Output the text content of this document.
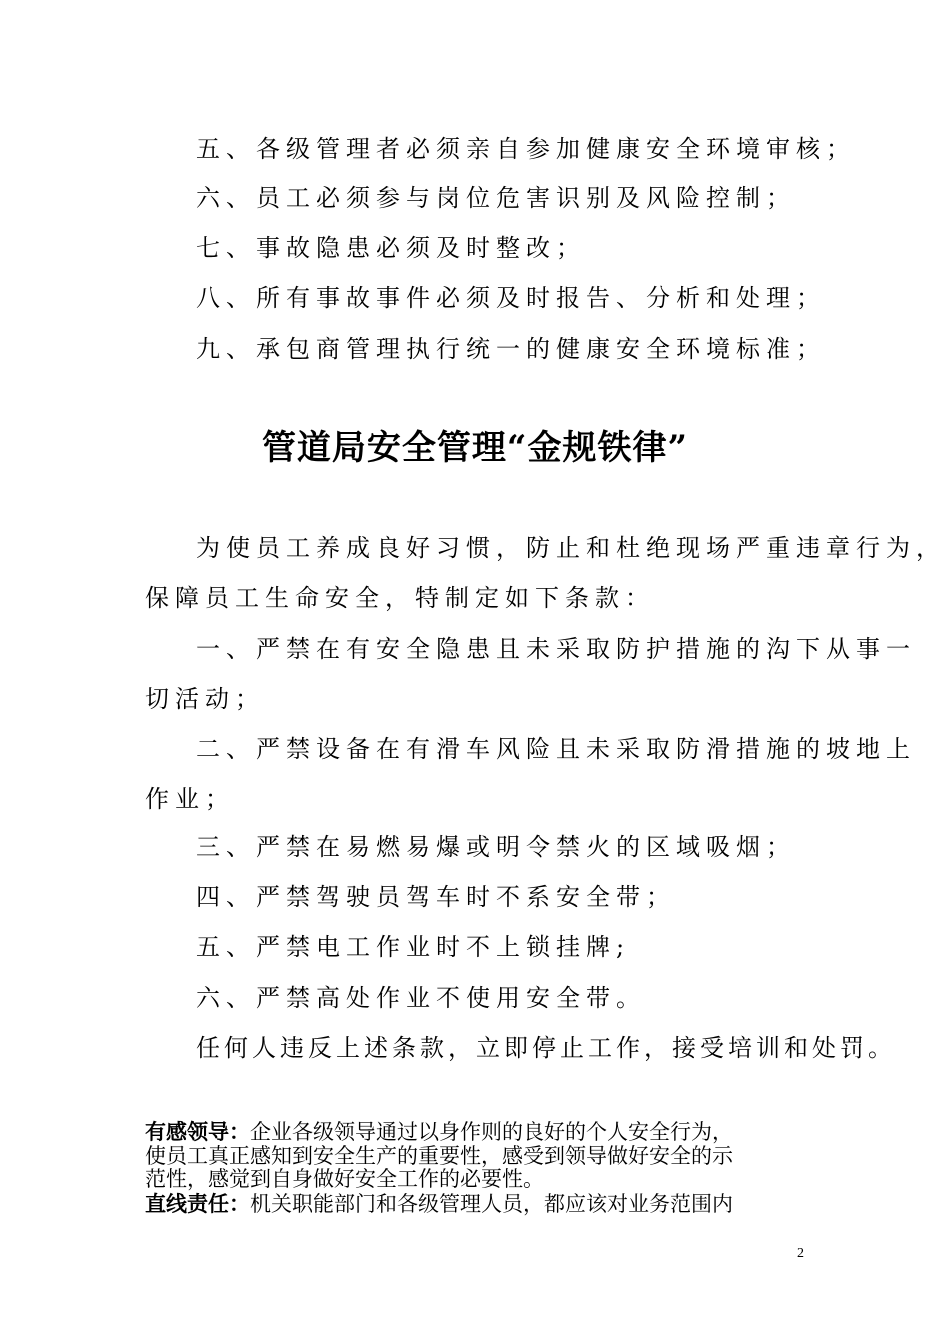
五、各级管理者必须亲自参加健康安全环境审核；
六、员工必须参与岗位危害识别及风险控制；
七、事故隐患必须及时整改；
八、所有事故事件必须及时报告、分析和处理；
九、承包商管理执行统一的健康安全环境标准；
管道局安全管理“金规铁律”
为使员工养成良好习惯，防止和杜绝现场严重违章行为，
保障员工生命安全，特制定如下条款：
一、严禁在有安全隐患且未采取防护措施的沟下从事一
切活动；
二、严禁设备在有滑车风险且未采取防滑措施的坡地上
作业；
三、严禁在易燃易爆或明令禁火的区域吸烟；
四、严禁驾驶员驾车时不系安全带；
五、严禁电工作业时不上锁挂牌;
六、严禁高处作业不使用安全带。
任何人违反上述条款，立即停止工作，接受培训和处罚。
有感领导：企业各级领导通过以身作则的良好的个人安全行为，
使员工真正感知到安全生产的重要性，感受到领导做好安全的示
范性，感觉到自身做好安全工作的必要性。
直线责任：机关职能部门和各级管理人员，都应该对业务范围内
2
